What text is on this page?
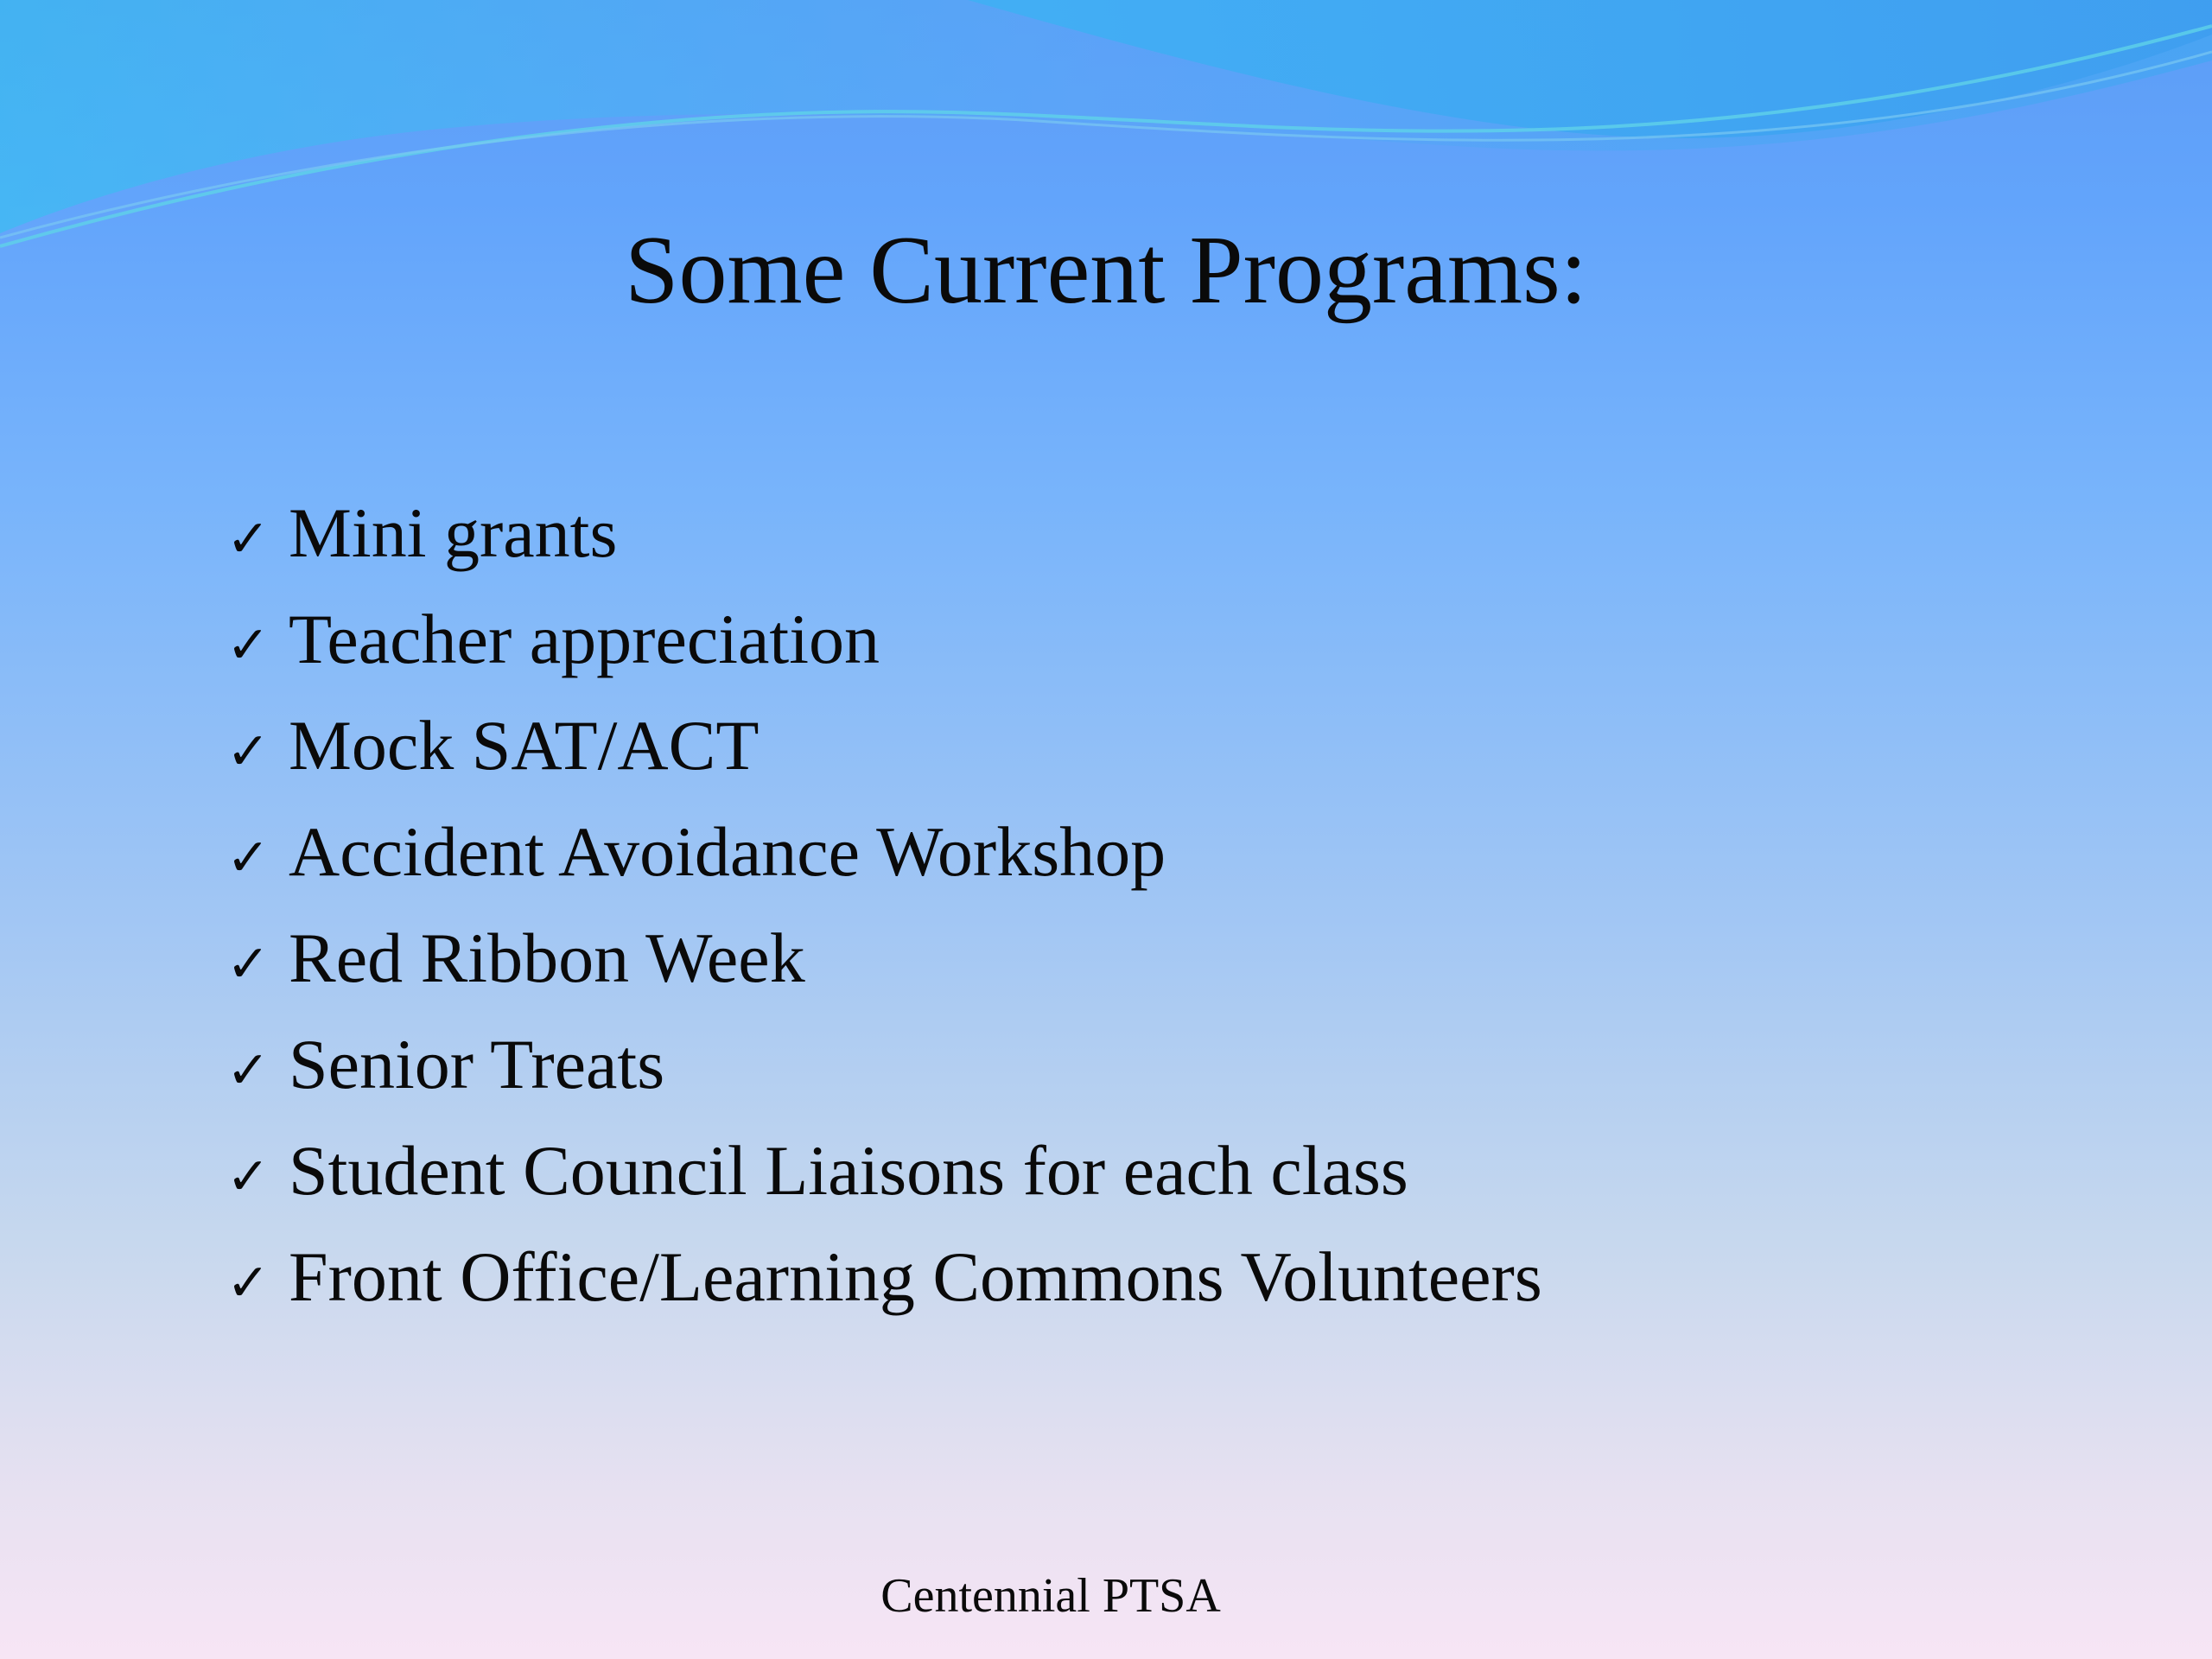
Some Current Programs:
✓ Mini grants
✓ Teacher appreciation
✓ Mock SAT/ACT
✓ Accident Avoidance Workshop
✓ Red Ribbon Week
✓ Senior Treats
✓ Student Council Liaisons for each class
✓ Front Office/Learning Commons Volunteers
Centennial PTSA
